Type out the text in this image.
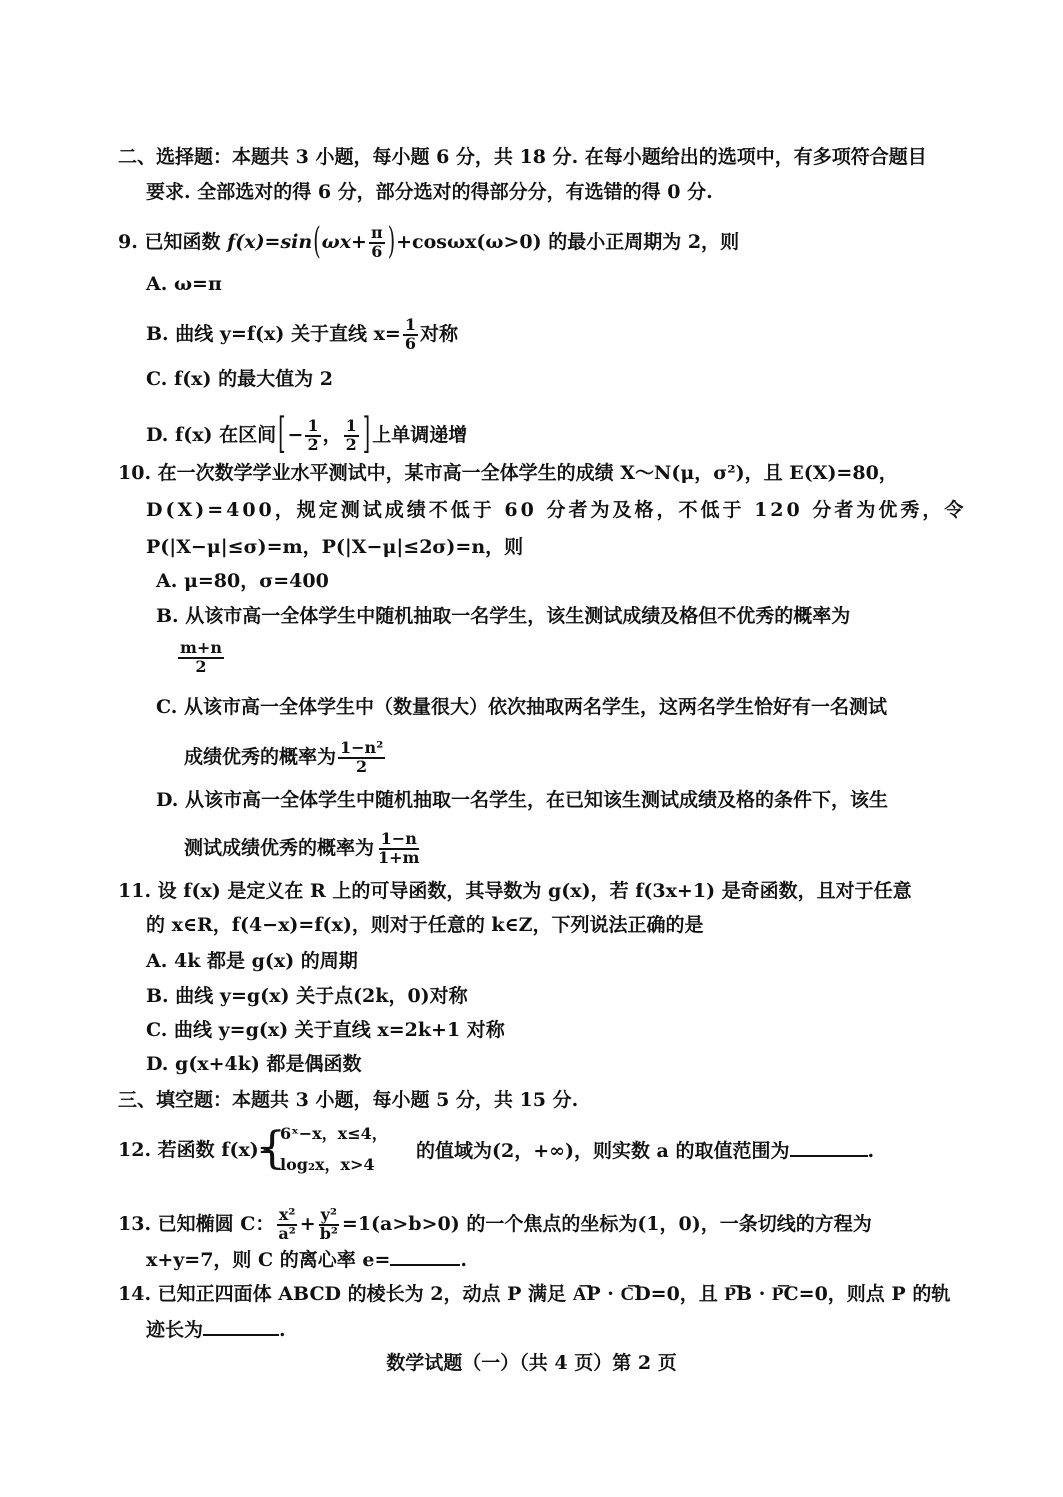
二、选择题：本题共 3 小题，每小题 6 分，共 18 分. 在每小题给出的选项中，有多项符合题目
要求. 全部选对的得 6 分，部分选对的得部分分，有选错的得 0 分.
9. 已知函数 $f(x)=\sin(\omega x+ \frac{\pi}{6} )+\cos\omega x(\omega>0)$ 的最小正周期为 2，则
A. ω=π
B. 曲线 y=f(x) 关于直线 $x= \frac{1}{6}$ 对称
C. f(x) 的最大值为 2
D. f(x) 在区间 [ − $\frac{1}{2}$ ， $\frac{1}{2}$ ] 上单调递增
10. 在一次数学学业水平测试中，某市高一全体学生的成绩 X～N(μ，σ²)，且 E(X)=80，
D(X)=400，规定测试成绩不低于 60 分者为及格，不低于 120 分者为优秀，令
P(|X−μ|≤σ)=m，P(|X−μ|≤2σ)=n，则
A. μ=80，σ=400
B. 从该市高一全体学生中随机抽取一名学生，该生测试成绩及格但不优秀的概率为
$\frac{m+n}{2}$
C. 从该市高一全体学生中（数量很大）依次抽取两名学生，这两名学生恰好有一名测试
成绩优秀的概率为 $\frac{\text{1−n²}}{2}$
D. 从该市高一全体学生中随机抽取一名学生，在已知该生测试成绩及格的条件下，该生
测试成绩优秀的概率为 $\frac{1-n}{1+m}$
11. 设 f(x) 是定义在 R 上的可导函数，其导数为 g(x)，若 f(3x+1) 是奇函数，且对于任意
的 x∈R，f(4−x)=f(x)，则对于任意的 k∈Z，下列说法正确的是
A. 4k 都是 g(x) 的周期
B. 曲线 y=g(x) 关于点(2k，0)对称
C. 曲线 y=g(x) 关于直线 x=2k+1 对称
D. g(x+4k) 都是偶函数
三、填空题：本题共 3 小题，每小题 5 分，共 15 分.
12. 若函数 f(x)=
{
6ˣ−x，x≤4，
log₂x，x>4
的值域为(2，+∞)，则实数 a 的取值范围为	.
13. 已知椭圆 C： $\frac{\text{x²}}{\text{a²}} + \frac{\text{y²}}{\text{b²}} =1(a>b>0)$ 的一个焦点的坐标为(1，0)，一条切线的方程为
x+y=7，则 C 的离心率 e=	.
14. 已知正四面体 ABCD 的棱长为 2，动点 P 满足 A͞P · C͞D=0，且 P͞B · P͞C=0，则点 P 的轨
迹长为	.
数学试题（一）（共 4 页）第 2 页
